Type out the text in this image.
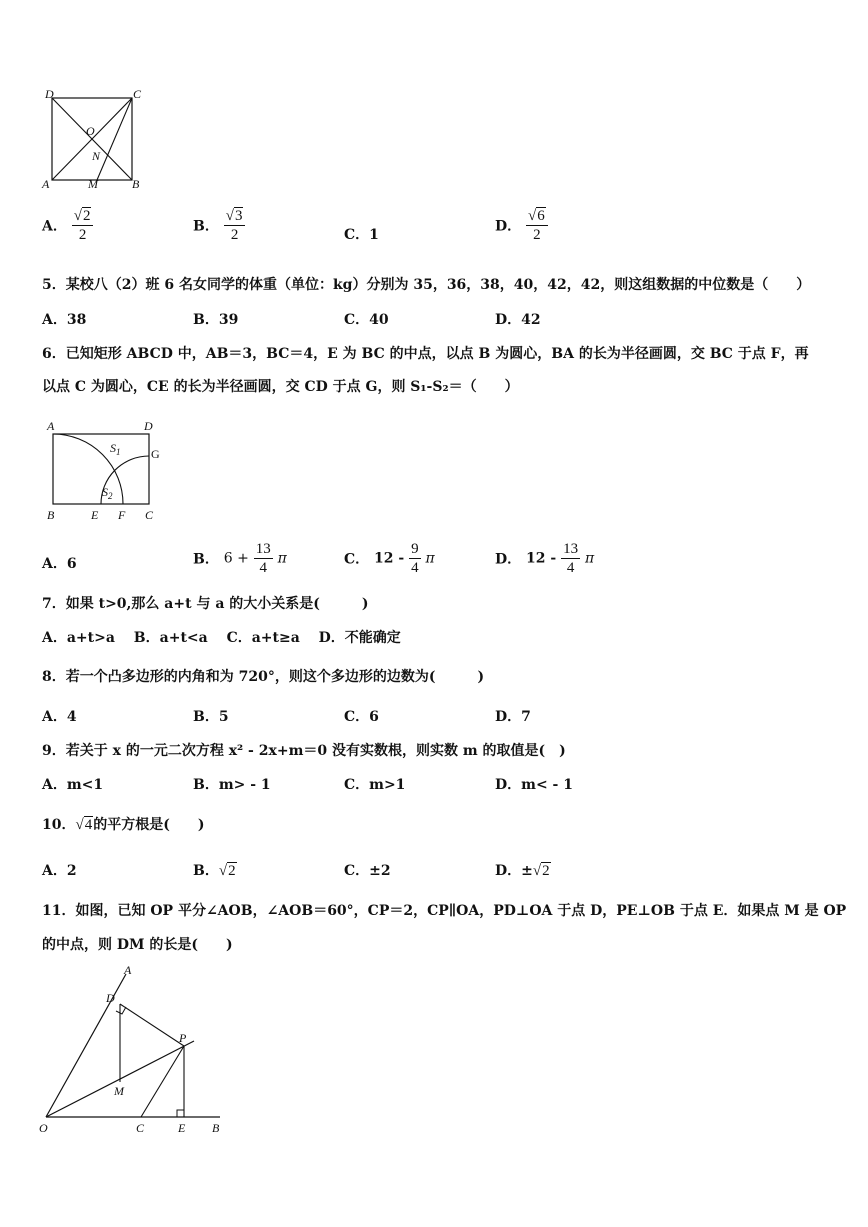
D	C
O
N
A	M	B
A． $\frac{√2}{2}$	B． $\frac{√3}{2}$	C．1
D． $\frac{√6}{2}$
5．某校八（2）班 6 名女同学的体重（单位：kg）分别为 35，36，38，40，42，42，则这组数据的中位数是（　　）
A．38	B．39	C．40	D．42
6．已知矩形 ABCD 中，AB＝3，BC＝4，E 为 BC 的中点，以点 B 为圆心，BA 的长为半径画圆，交 BC 于点 F，再
以点 C 为圆心，CE 的长为半径画圆，交 CD 于点 G，则 S₁-S₂＝（　　）
A	D
$S_1$	G
$S_2$
B	E F C
A．6	B． $6 + \frac{13}{4}$ π	C． $12 - \frac{9}{4}$ π	D． $12 - \frac{13}{4}$ π
7．如果 t>0,那么 a+t 与 a 的大小关系是(　　　)
A．a+t>a　 B．a+t<a　 C．a+t≥a　 D．不能确定
8．若一个凸多边形的内角和为 720°，则这个多边形的边数为(　　　)
A．4	B．5	C．6	D．7
9．若关于 x 的一元二次方程 x² - 2x+m＝0 没有实数根，则实数 m 的取值是(　)
A．m<1	B．m> - 1	C．m>1	D．m< - 1
10．√4的平方根是(　　)
A．2	B．√2	C．±2	D．±√2
11．如图，已知 OP 平分∠AOB，∠AOB＝60°，CP＝2，CP∥OA，PD⊥OA 于点 D，PE⊥OB 于点 E．如果点 M 是 OP
的中点，则 DM 的长是(　　)
A
D
P
M
O	C	E B
